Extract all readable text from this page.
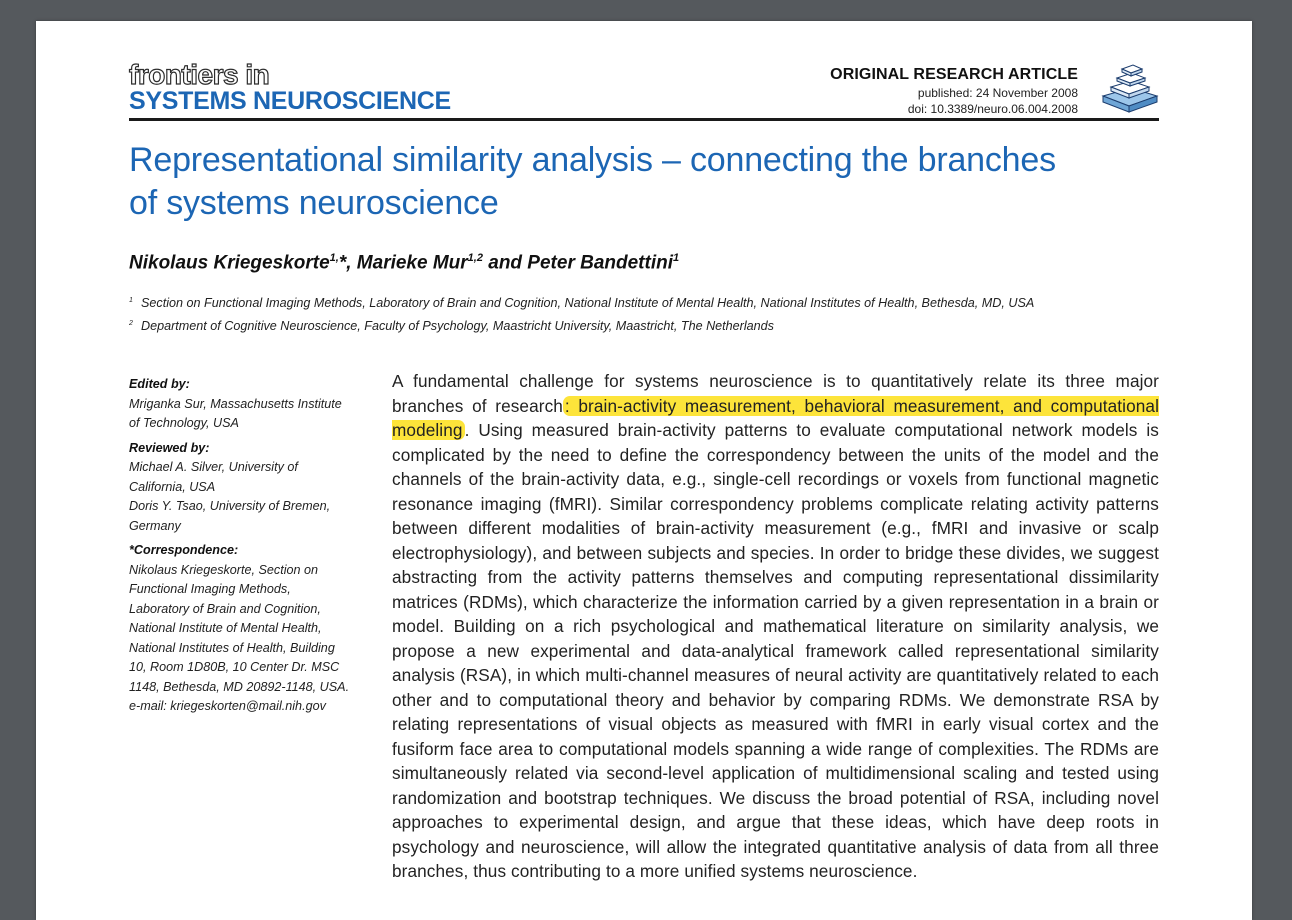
frontiers in
SYSTEMS NEUROSCIENCE
ORIGINAL RESEARCH ARTICLE
published: 24 November 2008
doi: 10.3389/neuro.06.004.2008
Representational similarity analysis – connecting the branches
of systems neuroscience
Nikolaus Kriegeskorte$^{1,}$*, Marieke Mur$^{1,2}$ and Peter Bandettini$^1$
$^1$ Section on Functional Imaging Methods, Laboratory of Brain and Cognition, National Institute of Mental Health, National Institutes of Health, Bethesda, MD, USA
$^2$ Department of Cognitive Neuroscience, Faculty of Psychology, Maastricht University, Maastricht, The Netherlands
Edited by:
Mriganka Sur, Massachusetts Institute
of Technology, USA
Reviewed by:
Michael A. Silver, University of
California, USA
Doris Y. Tsao, University of Bremen,
Germany
*Correspondence:
Nikolaus Kriegeskorte, Section on
Functional Imaging Methods,
Laboratory of Brain and Cognition,
National Institute of Mental Health,
National Institutes of Health, Building
10, Room 1D80B, 10 Center Dr. MSC
1148, Bethesda, MD 20892-1148, USA.
e-mail: kriegeskorten@mail.nih.gov

A fundamental challenge for systems neuroscience is to quantitatively relate its three major branches of research : brain-activity measurement, behavioral measurement, and computational modeling . Using measured brain-activity patterns to evaluate computational network models is complicated by the need to define the correspondency between the units of the model and the channels of the brain-activity data, e.g., single-cell recordings or voxels from functional magnetic resonance imaging (fMRI). Similar correspondency problems complicate relating activity patterns between different modalities of brain-activity measurement (e.g., fMRI and invasive or scalp electrophysiology), and between subjects and species. In order to bridge these divides, we suggest abstracting from the activity patterns themselves and computing representational dissimilarity matrices (RDMs), which characterize the information carried by a given representation in a brain or model. Building on a rich psychological and mathematical literature on similarity analysis, we propose a new experimental and data-analytical framework called representational similarity analysis (RSA), in which multi-channel measures of neural activity are quantitatively related to each other and to computational theory and behavior by comparing RDMs. We demonstrate RSA by relating representations of visual objects as measured with fMRI in early visual cortex and the fusiform face area to computational models spanning a wide range of complexities. The RDMs are simultaneously related via second-level application of multidimensional scaling and tested using randomization and bootstrap techniques. We discuss the broad potential of RSA, including novel approaches to experimental design, and argue that these ideas, which have deep roots in psychology and neuroscience, will allow the integrated quantitative analysis of data from all three branches, thus contributing to a more unified systems neuroscience.
